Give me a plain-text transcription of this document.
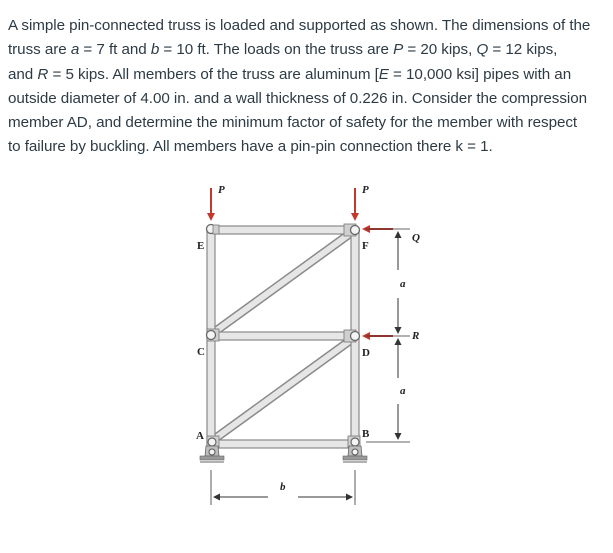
A simple pin-connected truss is loaded and supported as shown. The dimensions of the

truss are a = 7 ft and b = 10 ft. The loads on the truss are P = 20 kips, Q = 12 kips,

and R = 5 kips. All members of the truss are aluminum [E = 10,000 ksi] pipes with an

outside diameter of 4.00 in. and a wall thickness of 0.226 in. Consider the compression

member AD, and determine the minimum factor of safety for the member with respect

to failure by buckling. All members have a pin-pin connection there k = 1.

P	P
Q
R
E	F
C	D
A	B
a
a
b
